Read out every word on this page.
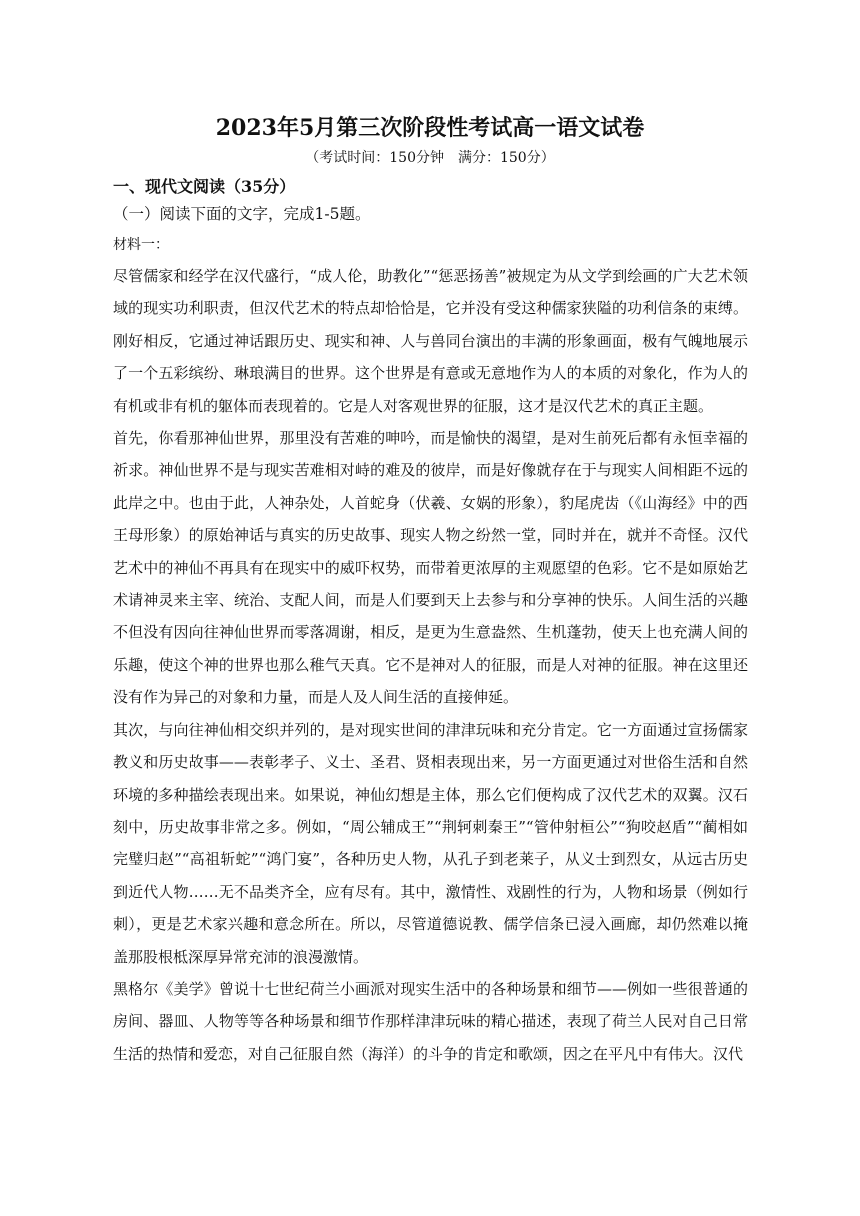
2023年5月第三次阶段性考试高一语文试卷
（考试时间：150分钟　满分：150分）

一、现代文阅读（35分）

（一）阅读下面的文字，完成1-5题。

材料一：

尽管儒家和经学在汉代盛行，“成人伦，助教化”“惩恶扬善”被规定为从文学到绘画的广大艺术领域的现实功利职责，但汉代艺术的特点却恰恰是，它并没有受这种儒家狭隘的功利信条的束缚。刚好相反，它通过神话跟历史、现实和神、人与兽同台演出的丰满的形象画面，极有气魄地展示了一个五彩缤纷、琳琅满目的世界。这个世界是有意或无意地作为人的本质的对象化，作为人的有机或非有机的躯体而表现着的。它是人对客观世界的征服，这才是汉代艺术的真正主题。

首先，你看那神仙世界，那里没有苦难的呻吟，而是愉快的渴望，是对生前死后都有永恒幸福的祈求。神仙世界不是与现实苦难相对峙的难及的彼岸，而是好像就存在于与现实人间相距不远的此岸之中。也由于此，人神杂处，人首蛇身（伏羲、女娲的形象），豹尾虎齿（《山海经》中的西王母形象）的原始神话与真实的历史故事、现实人物之纷然一堂，同时并在，就并不奇怪。汉代艺术中的神仙不再具有在现实中的威吓权势，而带着更浓厚的主观愿望的色彩。它不是如原始艺术请神灵来主宰、统治、支配人间，而是人们要到天上去参与和分享神的快乐。人间生活的兴趣不但没有因向往神仙世界而零落凋谢，相反，是更为生意盎然、生机蓬勃，使天上也充满人间的乐趣，使这个神的世界也那么稚气天真。它不是神对人的征服，而是人对神的征服。神在这里还没有作为异己的对象和力量，而是人及人间生活的直接伸延。

其次，与向往神仙相交织并列的，是对现实世间的津津玩味和充分肯定。它一方面通过宣扬儒家教义和历史故事——表彰孝子、义士、圣君、贤相表现出来，另一方面更通过对世俗生活和自然环境的多种描绘表现出来。如果说，神仙幻想是主体，那么它们便构成了汉代艺术的双翼。汉石刻中，历史故事非常之多。例如，“周公辅成王”“荆轲刺秦王”“管仲射桓公”“狗咬赵盾”“蔺相如完璧归赵”“高祖斩蛇”“鸿门宴”，各种历史人物，从孔子到老莱子，从义士到烈女，从远古历史到近代人物……无不品类齐全，应有尽有。其中，激情性、戏剧性的行为，人物和场景（例如行刺），更是艺术家兴趣和意念所在。所以，尽管道德说教、儒学信条已浸入画廊，却仍然难以掩盖那股根柢深厚异常充沛的浪漫激情。

黑格尔《美学》曾说十七世纪荷兰小画派对现实生活中的各种场景和细节——例如一些很普通的房间、器皿、人物等等各种场景和细节作那样津津玩味的精心描述，表现了荷兰人民对自己日常生活的热情和爱恋，对自己征服自然（海洋）的斗争的肯定和歌颂，因之在平凡中有伟大。汉代
